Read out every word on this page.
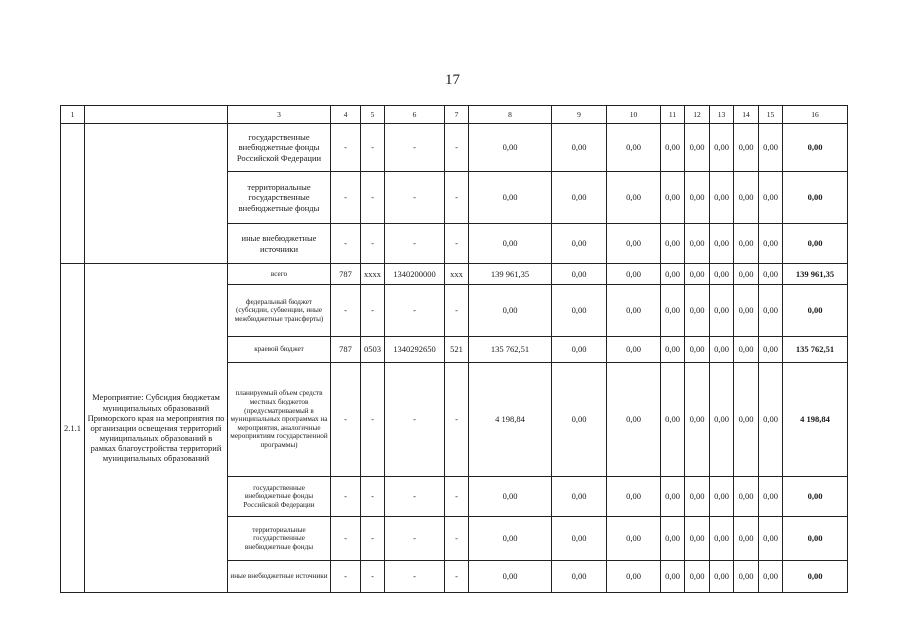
17
1		3	4	5	6	7	8	9	10	11	12	13	14	15	16
		государственные внебюджетные фонды Российской Федерации	-	-	-	-	0,00	0,00	0,00	0,00	0,00	0,00	0,00	0,00	0,00
		территориальные государственные внебюджетные фонды	-	-	-	-	0,00	0,00	0,00	0,00	0,00	0,00	0,00	0,00	0,00
		иные внебюджетные источники	-	-	-	-	0,00	0,00	0,00	0,00	0,00	0,00	0,00	0,00	0,00
2.1.1	Мероприятие: Субсидия бюджетам муниципальных образований Приморского края на мероприятия по организации освещения территорий муниципальных образований в рамках благоустройства территорий муниципальных образований	всего	787	хххх	1340200000	ххх	139 961,35	0,00	0,00	0,00	0,00	0,00	0,00	0,00	139 961,35
		федеральный бюджет (субсидии, субвенции, иные межбюджетные трансферты)	-	-	-	-	0,00	0,00	0,00	0,00	0,00	0,00	0,00	0,00	0,00
		краевой бюджет	787	0503	1340292650	521	135 762,51	0,00	0,00	0,00	0,00	0,00	0,00	0,00	135 762,51
		планируемый объем средств местных бюджетов (предусматриваемый в муниципальных программах на мероприятия, аналогичные мероприятиям государственной программы)	-	-	-	-	4 198,84	0,00	0,00	0,00	0,00	0,00	0,00	0,00	4 198,84
		государственные внебюджетные фонды Российской Федерации	-	-	-	-	0,00	0,00	0,00	0,00	0,00	0,00	0,00	0,00	0,00
		территориальные государственные внебюджетные фонды	-	-	-	-	0,00	0,00	0,00	0,00	0,00	0,00	0,00	0,00	0,00
		иные внебюджетные источники	-	-	-	-	0,00	0,00	0,00	0,00	0,00	0,00	0,00	0,00	0,00
